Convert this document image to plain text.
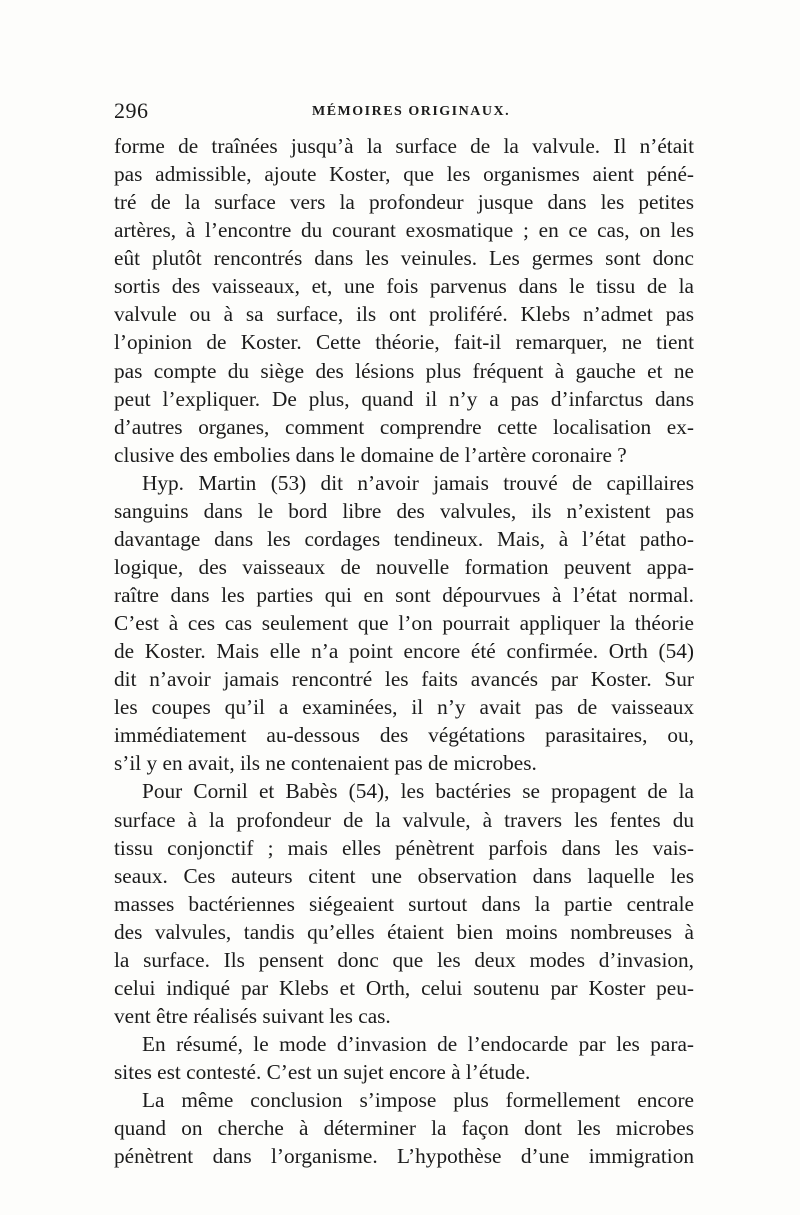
296	MÉMOIRES ORIGINAUX.

forme de traînées jusqu’à la surface de la valvule. Il n’était

pas admissible, ajoute Koster, que les organismes aient péné-

tré de la surface vers la profondeur jusque dans les petites

artères, à l’encontre du courant exosmatique ; en ce cas, on les

eût plutôt rencontrés dans les veinules. Les germes sont donc

sortis des vaisseaux, et, une fois parvenus dans le tissu de la

valvule ou à sa surface, ils ont proliféré. Klebs n’admet pas

l’opinion de Koster. Cette théorie, fait-il remarquer, ne tient

pas compte du siège des lésions plus fréquent à gauche et ne

peut l’expliquer. De plus, quand il n’y a pas d’infarctus dans

d’autres organes, comment comprendre cette localisation ex-

clusive des embolies dans le domaine de l’artère coronaire ?

Hyp. Martin (53) dit n’avoir jamais trouvé de capillaires

sanguins dans le bord libre des valvules, ils n’existent pas

davantage dans les cordages tendineux. Mais, à l’état patho-

logique, des vaisseaux de nouvelle formation peuvent appa-

raître dans les parties qui en sont dépourvues à l’état normal.

C’est à ces cas seulement que l’on pourrait appliquer la théorie

de Koster. Mais elle n’a point encore été confirmée. Orth (54)

dit n’avoir jamais rencontré les faits avancés par Koster. Sur

les coupes qu’il a examinées, il n’y avait pas de vaisseaux

immédiatement au-dessous des végétations parasitaires, ou,

s’il y en avait, ils ne contenaient pas de microbes.

Pour Cornil et Babès (54), les bactéries se propagent de la

surface à la profondeur de la valvule, à travers les fentes du

tissu conjonctif ; mais elles pénètrent parfois dans les vais-

seaux. Ces auteurs citent une observation dans laquelle les

masses bactériennes siégeaient surtout dans la partie centrale

des valvules, tandis qu’elles étaient bien moins nombreuses à

la surface. Ils pensent donc que les deux modes d’invasion,

celui indiqué par Klebs et Orth, celui soutenu par Koster peu-

vent être réalisés suivant les cas.

En résumé, le mode d’invasion de l’endocarde par les para-

sites est contesté. C’est un sujet encore à l’étude.

La même conclusion s’impose plus formellement encore

quand on cherche à déterminer la façon dont les microbes

pénètrent dans l’organisme. L’hypothèse d’une immigration
